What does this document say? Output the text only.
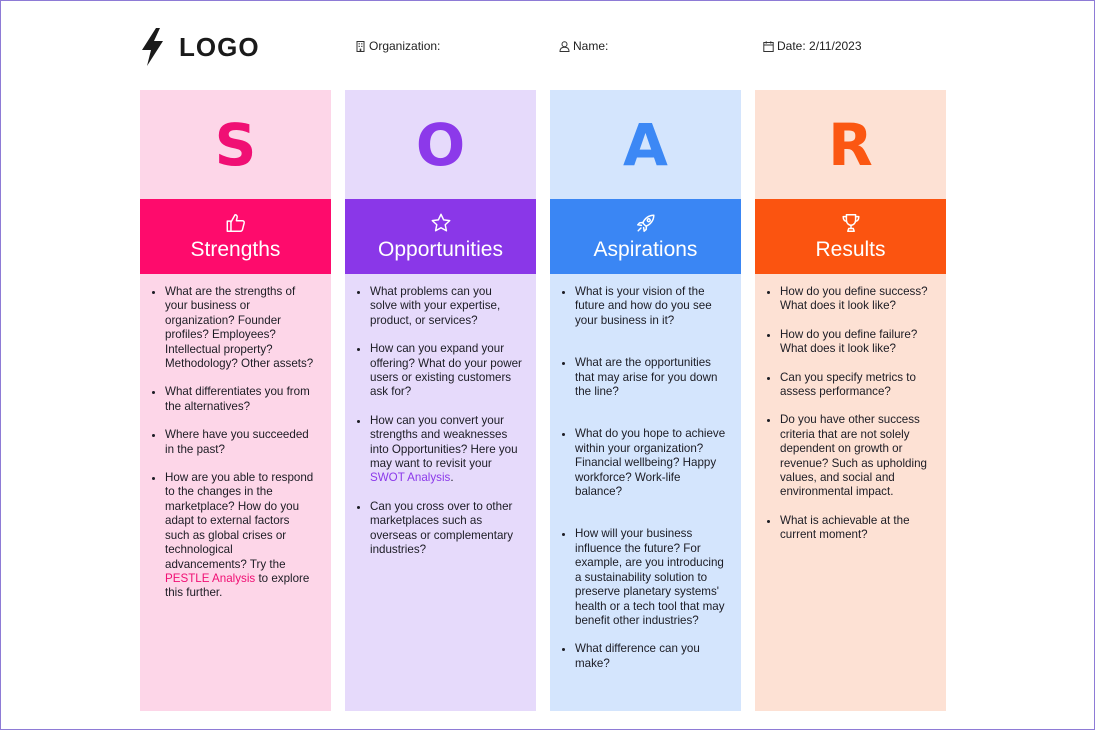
LOGO	Organization:	Name:	Date: 2/11/2023
S
Strengths
• What are the strengths of your business or organization? Founder profiles? Employees? Intellectual property? Methodology? Other assets?
• What differentiates you from the alternatives?
• Where have you succeeded in the past?
• How are you able to respond to the changes in the marketplace? How do you adapt to external factors such as global crises or technological advancements? Try the PESTLE Analysis to explore this further.
O
Opportunities
• What problems can you solve with your expertise, product, or services?
• How can you expand your offering? What do your power users or existing customers ask for?
• How can you convert your strengths and weaknesses into Opportunities? Here you may want to revisit your SWOT Analysis.
• Can you cross over to other marketplaces such as overseas or complementary industries?
A
Aspirations
• What is your vision of the future and how do you see your business in it?
• What are the opportunities that may arise for you down the line?
• What do you hope to achieve within your organization? Financial wellbeing? Happy workforce? Work-life balance?
• How will your business influence the future? For example, are you introducing a sustainability solution to preserve planetary systems' health or a tech tool that may benefit other industries?
• What difference can you make?
R
Results
• How do you define success? What does it look like?
• How do you define failure? What does it look like?
• Can you specify metrics to assess performance?
• Do you have other success criteria that are not solely dependent on growth or revenue? Such as upholding values, and social and environmental impact.
• What is achievable at the current moment?
